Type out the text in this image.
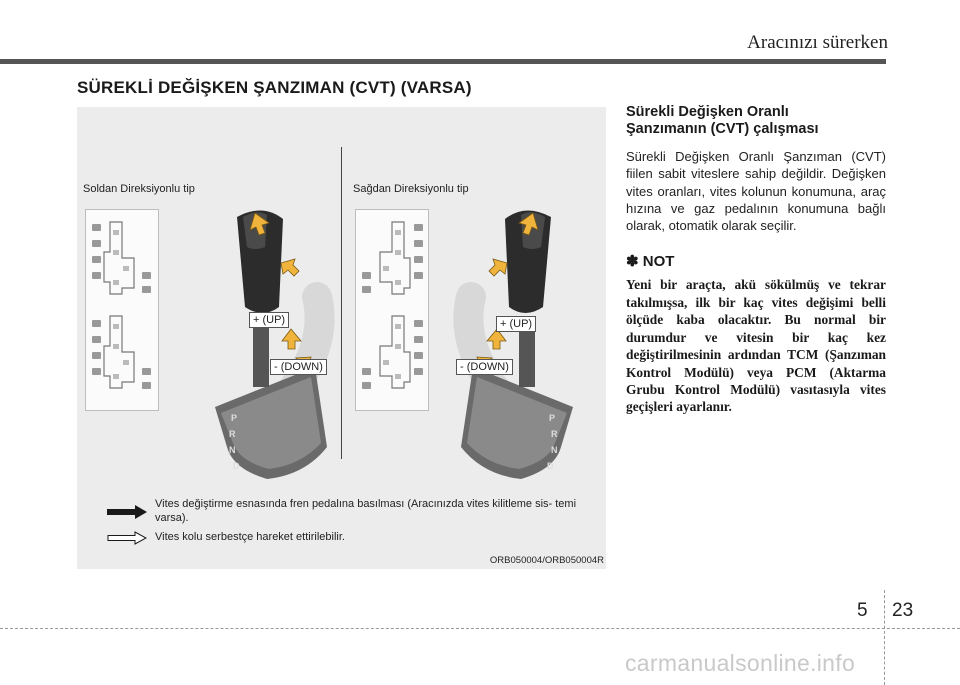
Aracınızı sürerken
SÜREKLİ DEĞİŞKEN ŞANZIMAN (CVT) (VARSA)
Soldan Direksiyonlu tip	Sağdan Direksiyonlu tip
P
R
N
D
+ (UP)
- (DOWN)
P
R
N
D
+ (UP)
- (DOWN)
Vites değiştirme esnasında fren pedalına basılması (Aracınızda vites kilitleme sis- temi varsa).
Vites kolu serbestçe hareket ettirilebilir.
ORB050004/ORB050004R
Sürekli Değişken Oranlı
Şanzımanın (CVT) çalışması

Sürekli Değişken Oranlı Şanzıman (CVT) fiilen sabit viteslere sahip değildir. Değişken vites oranları, vites kolunun konumuna, araç hızına ve gaz pedalının konumuna bağlı olarak, otomatik olarak seçilir.

✽ NOT

Yeni bir araçta, akü sökülmüş ve tekrar takılmışsa, ilk bir kaç vites değişimi belli ölçüde kaba olacaktır. Bu normal bir durumdur ve vitesin bir kaç kez değiştirilmesinin ardından TCM (Şanzıman Kontrol Modülü) veya PCM (Aktarma Grubu Kontrol Modülü) vasıtasıyla vites geçişleri ayarlanır.

5 23
carmanualsonline.info
